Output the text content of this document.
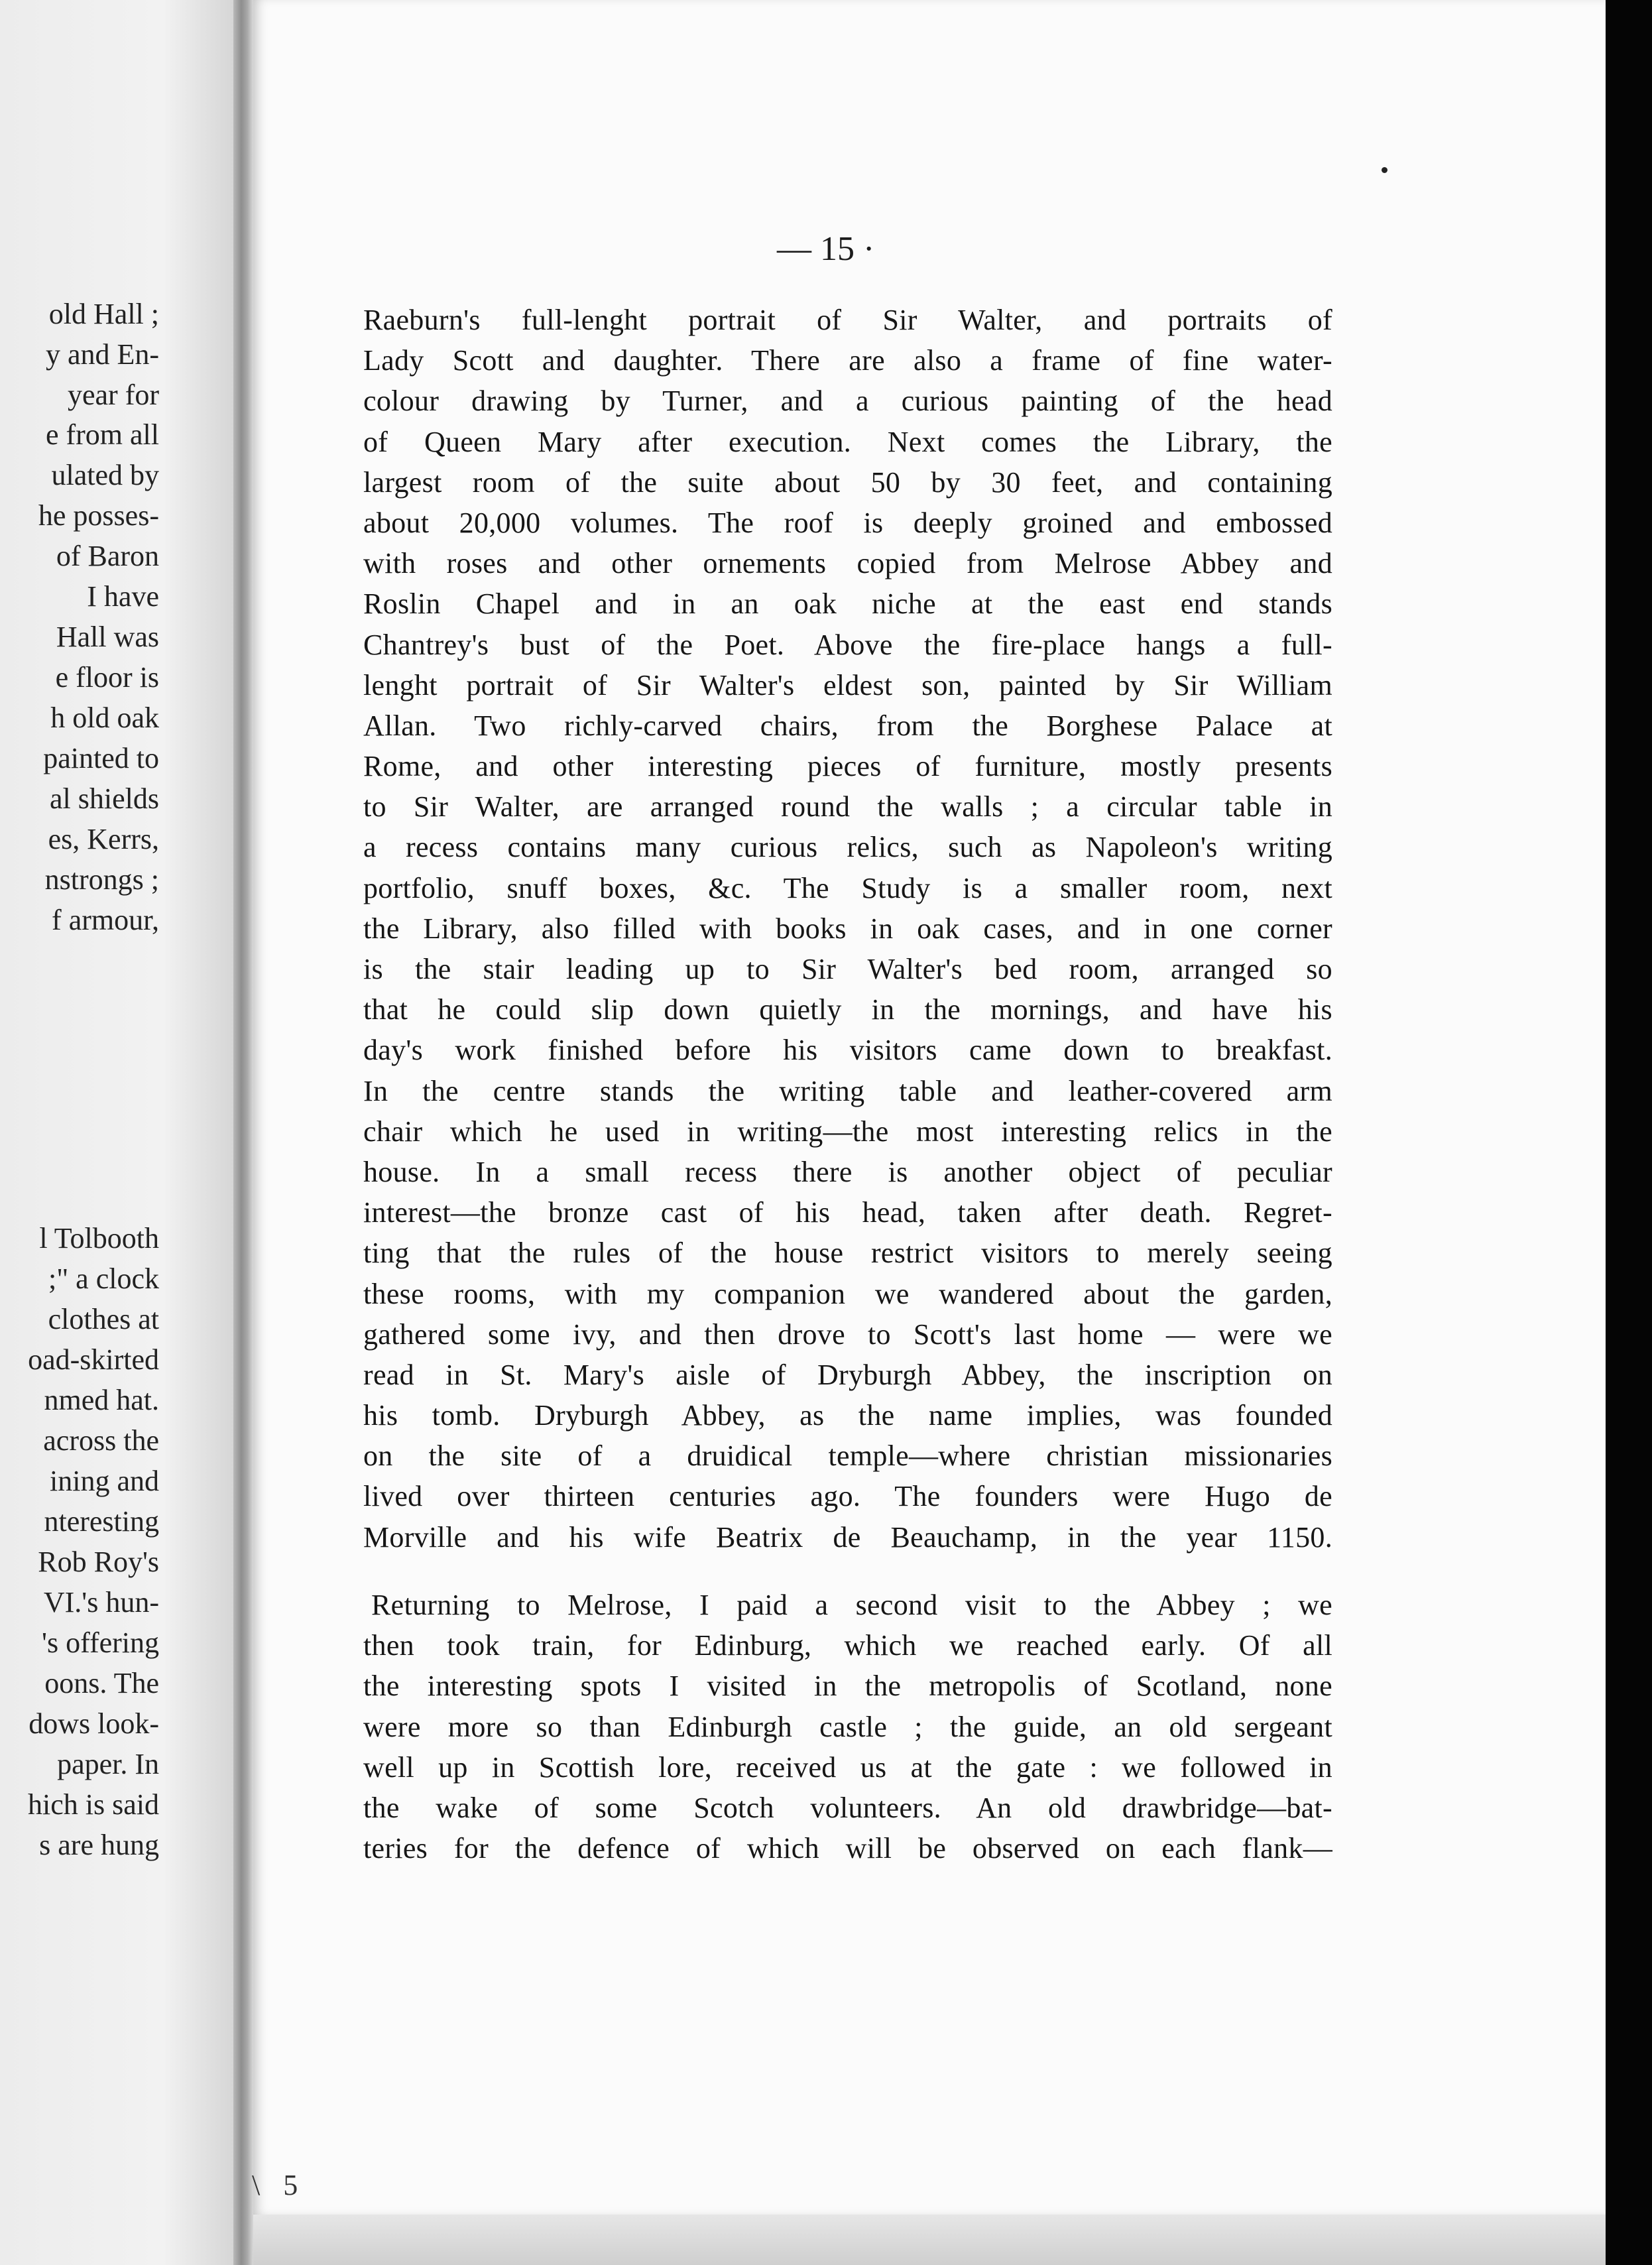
old Hall ;
y and En-
year for
e from all
ulated by
he posses-
of Baron
I have
Hall was
e floor is
h old oak
painted to
al shields
es, Kerrs,
nstrongs ;
f armour,
l Tolbooth
;" a clock
clothes at
oad-skirted
nmed hat.
across the
ining and
nteresting
Rob Roy's
VI.'s hun-
's offering
oons. The
dows look-
paper. In
hich is said
s are hung
\ 5
— 15 ·
Raeburn's full-lenght portrait of Sir Walter, and portraits of
Lady Scott and daughter. There are also a frame of fine water-
colour drawing by Turner, and a curious painting of the head
of Queen Mary after execution. Next comes the Library, the
largest room of the suite about 50 by 30 feet, and containing
about 20,000 volumes. The roof is deeply groined and embossed
with roses and other ornements copied from Melrose Abbey and
Roslin Chapel and in an oak niche at the east end stands
Chantrey's bust of the Poet. Above the fire-place hangs a full-
lenght portrait of Sir Walter's eldest son, painted by Sir William
Allan. Two richly-carved chairs, from the Borghese Palace at
Rome, and other interesting pieces of furniture, mostly presents
to Sir Walter, are arranged round the walls ; a circular table in
a recess contains many curious relics, such as Napoleon's writing
portfolio, snuff boxes, &c. The Study is a smaller room, next
the Library, also filled with books in oak cases, and in one corner
is the stair leading up to Sir Walter's bed room, arranged so
that he could slip down quietly in the mornings, and have his
day's work finished before his visitors came down to breakfast.
In the centre stands the writing table and leather-covered arm
chair which he used in writing—the most interesting relics in the
house. In a small recess there is another object of peculiar
interest—the bronze cast of his head, taken after death. Regret-
ting that the rules of the house restrict visitors to merely seeing
these rooms, with my companion we wandered about the garden,
gathered some ivy, and then drove to Scott's last home — were we
read in St. Mary's aisle of Dryburgh Abbey, the inscription on
his tomb. Dryburgh Abbey, as the name implies, was founded
on the site of a druidical temple—where christian missionaries
lived over thirteen centuries ago. The founders were Hugo de
Morville and his wife Beatrix de Beauchamp, in the year 1150.
Returning to Melrose, I paid a second visit to the Abbey ; we
then took train, for Edinburg, which we reached early. Of all
the interesting spots I visited in the metropolis of Scotland, none
were more so than Edinburgh castle ; the guide, an old sergeant
well up in Scottish lore, received us at the gate : we followed in
the wake of some Scotch volunteers. An old drawbridge—bat-
teries for the defence of which will be observed on each flank—
